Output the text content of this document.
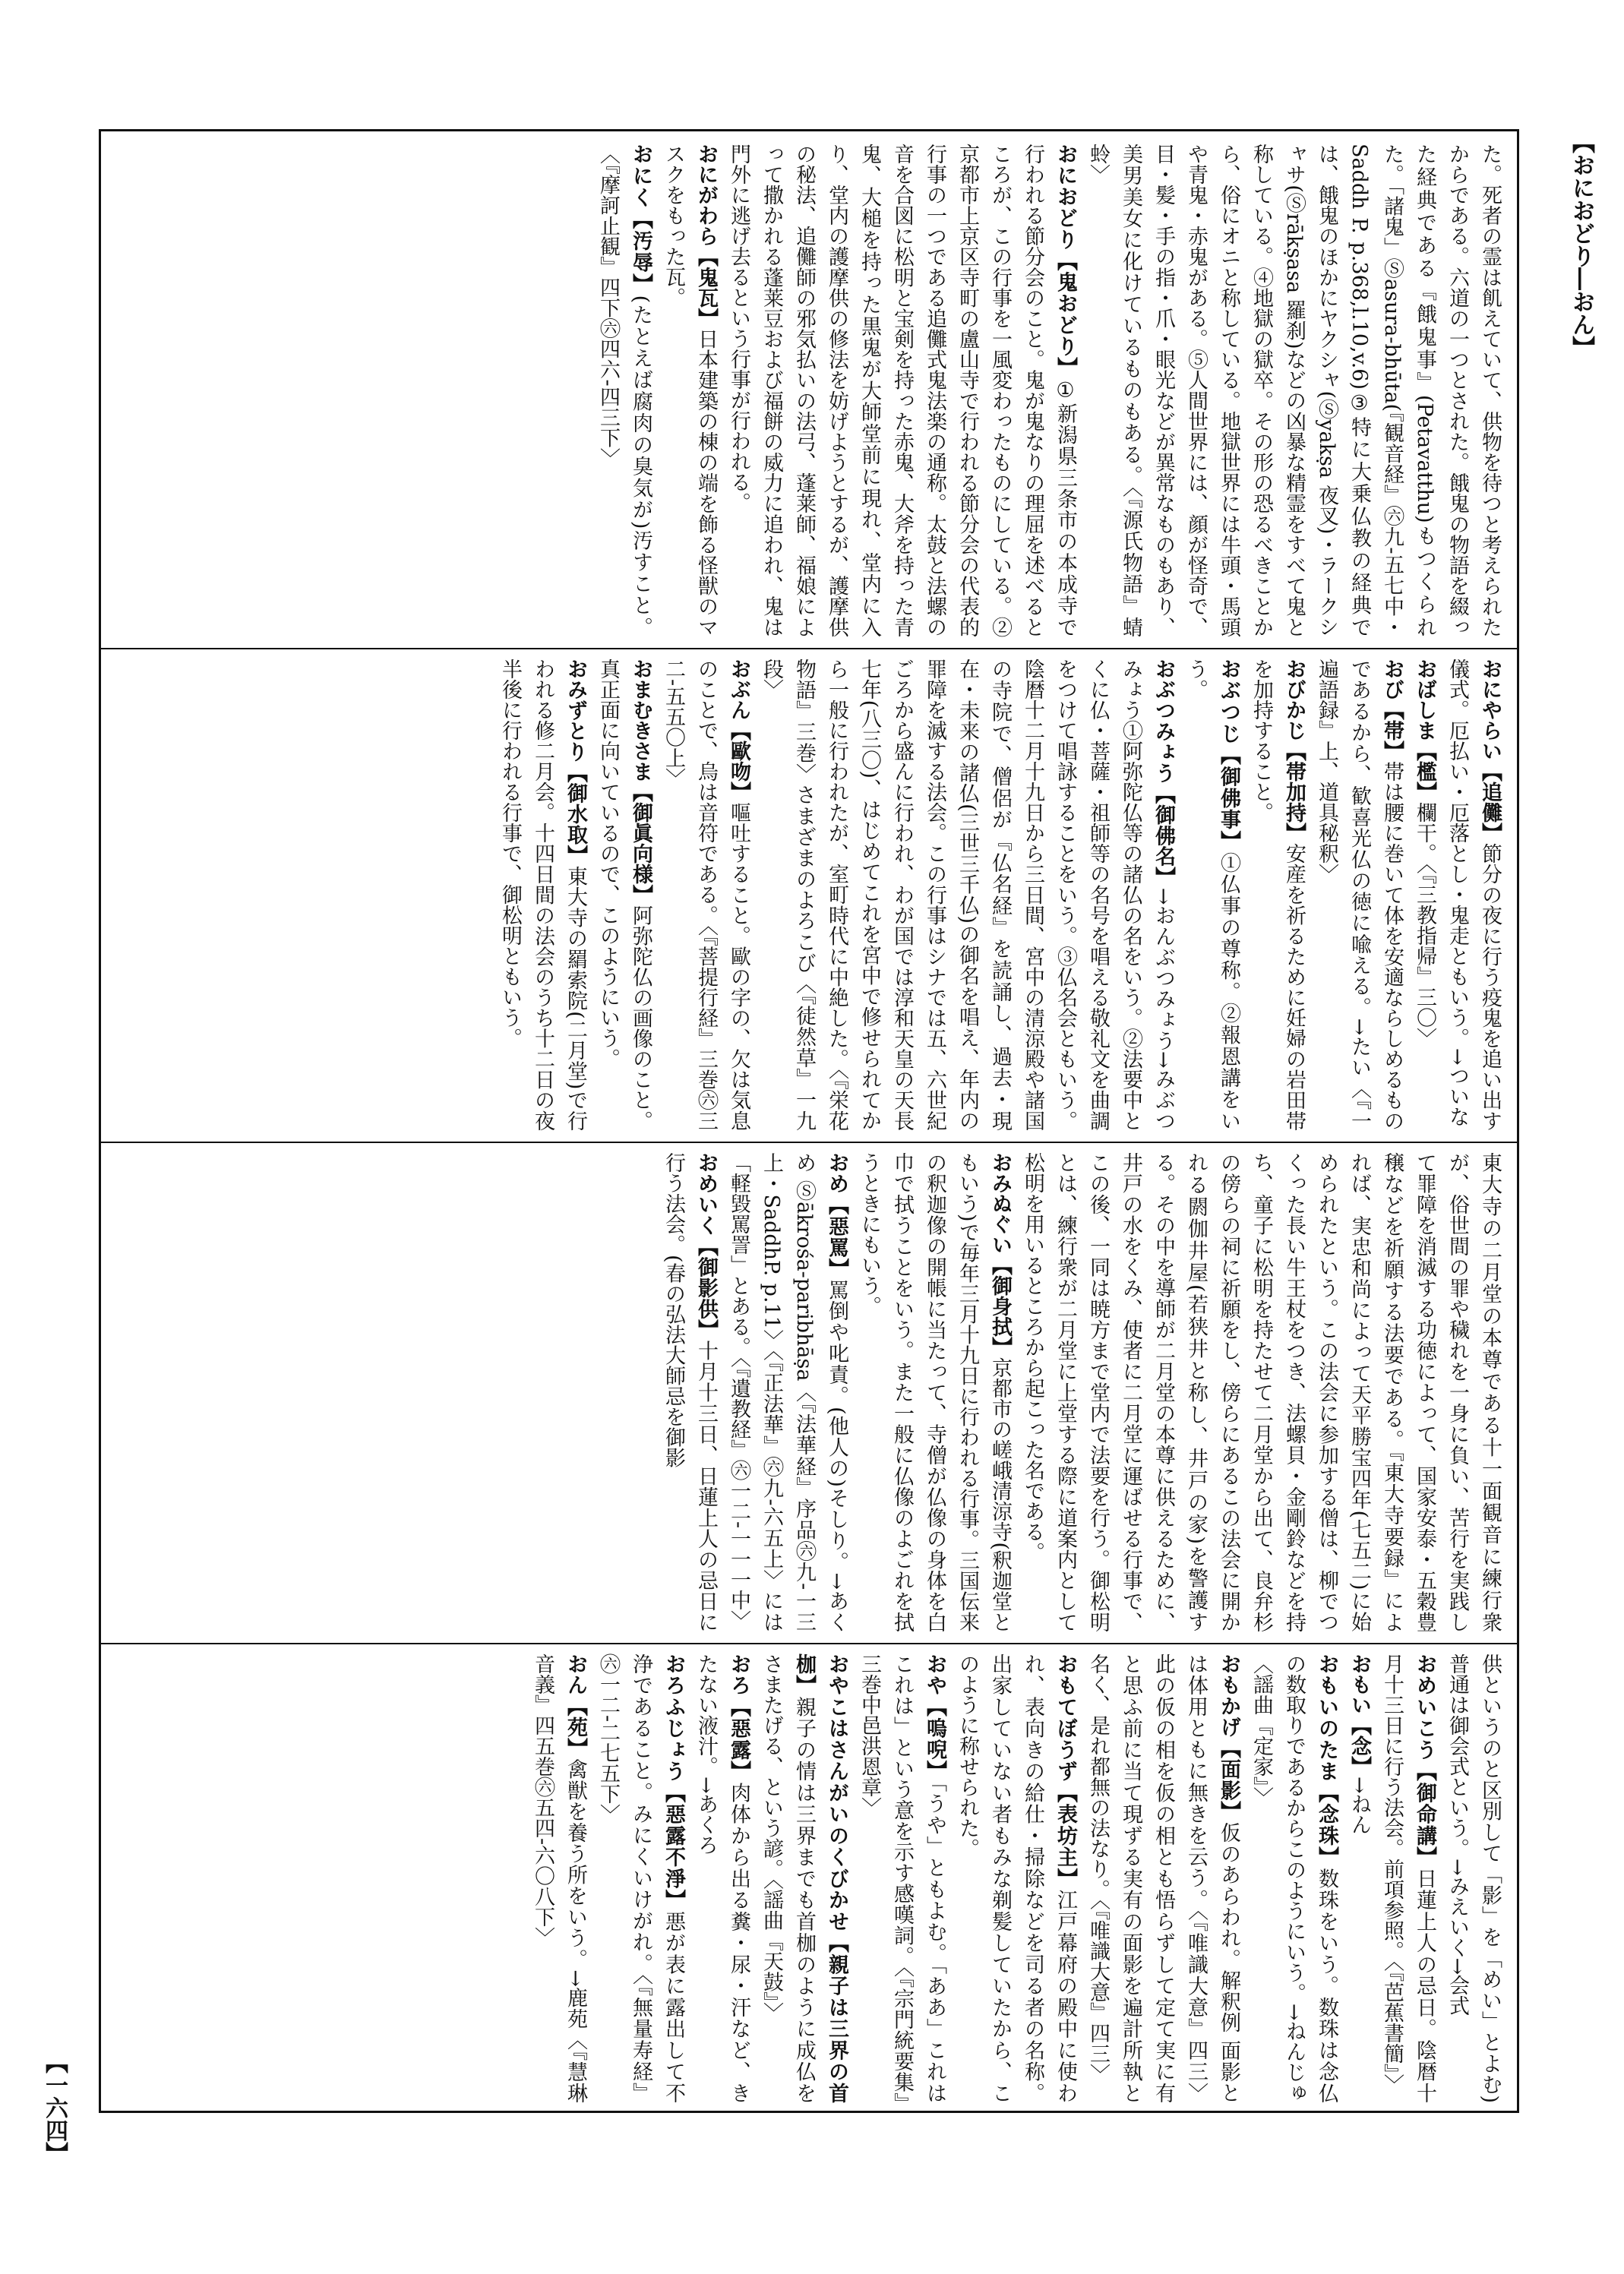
【おにおどり―おん】
【一六四】

た。死者の霊は飢えていて、供物を待つと考えられたからである。六道の一つとされた。餓鬼の物語を綴った経典である『餓鬼事』(Petavatthu)もつくられた。「諸鬼」Ⓢasura-bhūta(『観音経』㊅九‐五七中・Saddh P. p.368,l.10,v.6)③特に大乗仏教の経典では、餓鬼のほかにヤクシャ(Ⓢyakṣa 夜叉)・ラークシャサ(Ⓢrākṣasa 羅刹)などの凶暴な精霊をすべて鬼と称している。④地獄の獄卒。その形の恐るべきことから、俗にオニと称している。地獄世界には牛頭・馬頭や青鬼・赤鬼がある。⑤人間世界には、顔が怪奇で、目・髪・手の指・爪・眼光などが異常なものもあり、美男美女に化けているものもある。〈『源氏物語』蜻蛉〉

おにおどり【鬼おどり】①新潟県三条市の本成寺で行われる節分会のこと。鬼が鬼なりの理屈を述べるところが、この行事を一風変わったものにしている。②京都市上京区寺町の盧山寺で行われる節分会の代表的行事の一つである追儺式鬼法楽の通称。太鼓と法螺の音を合図に松明と宝剣を持った赤鬼、大斧を持った青鬼、大槌を持った黒鬼が大師堂前に現れ、堂内に入り、堂内の護摩供の修法を妨げようとするが、護摩供の秘法、追儺師の邪気払いの法弓、蓬莱師、福娘によって撒かれる蓬莱豆および福餅の威力に追われ、鬼は門外に逃げ去るという行事が行われる。

おにがわら【鬼瓦】日本建築の棟の端を飾る怪獣のマスクをもった瓦。

おにく【汚辱】(たとえば腐肉の臭気が)汚すこと。〈『摩訶止観』四下㊅四六‐四三下〉

おにやらい【追儺】節分の夜に行う疫鬼を追い出す儀式。厄払い・厄落とし・鬼走ともいう。→ついな

おばしま【檻】欄干。〈『三教指帰』三〇〉

おび【帯】帯は腰に巻いて体を安適ならしめるものであるから、歓喜光仏の徳に喩える。→たい〈『一遍語録』上、道具秘釈〉

おびかじ【帯加持】安産を祈るために妊婦の岩田帯を加持すること。

おぶつじ【御佛事】①仏事の尊称。②報恩講をいう。

おぶつみょう【御佛名】→おんぶつみょう→みぶつみょう①阿弥陀仏等の諸仏の名をいう。②法要中とくに仏・菩薩・祖師等の名号を唱える敬礼文を曲調をつけて唱詠することをいう。③仏名会ともいう。陰暦十二月十九日から三日間、宮中の清涼殿や諸国の寺院で、僧侶が『仏名経』を読誦し、過去・現在・未来の諸仏(三世三千仏)の御名を唱え、年内の罪障を滅する法会。この行事はシナでは五、六世紀ごろから盛んに行われ、わが国では淳和天皇の天長七年(八三〇)、はじめてこれを宮中で修せられてから一般に行われたが、室町時代に中絶した。〈『栄花物語』三巻〉さまざまのよろこび〈『徒然草』一九段〉

おぶん【歐吻】嘔吐すること。歐の字の、欠は気息のことで、烏は音符である。〈『菩提行経』三巻㊅三二‐五五〇上〉

おまむきさま【御眞向様】阿弥陀仏の画像のこと。真正面に向いているので、このようにいう。

おみずとり【御水取】東大寺の羂索院(二月堂)で行われる修二月会。十四日間の法会のうち十二日の夜半後に行われる行事で、御松明ともいう。

東大寺の二月堂の本尊である十一面観音に練行衆が、俗世間の罪や穢れを一身に負い、苦行を実践して罪障を消滅する功徳によって、国家安泰・五穀豊穣などを祈願する法要である。『東大寺要録』によれば、実忠和尚によって天平勝宝四年(七五二)に始められたという。この法会に参加する僧は、柳でつくった長い牛王杖をつき、法螺貝・金剛鈴などを持ち、童子に松明を持たせて二月堂から出て、良弁杉の傍らの祠に祈願をし、傍らにあるこの法会に開かれる閼伽井屋(若狭井と称し、井戸の家)を警護する。その中を導師が二月堂の本尊に供えるために、井戸の水をくみ、使者に二月堂に運ばせる行事で、この後、一同は暁方まで堂内で法要を行う。御松明とは、練行衆が二月堂に上堂する際に道案内として松明を用いるところから起こった名である。

おみぬぐい【御身拭】京都市の嵯峨清涼寺(釈迦堂ともいう)で毎年三月十九日に行われる行事。三国伝来の釈迦像の開帳に当たって、寺僧が仏像の身体を白巾で拭うことをいう。また一般に仏像のよごれを拭うときにもいう。

おめ【惡罵】罵倒や叱責。(他人の)そしり。→あくめ Ⓢākrośa-paribhāṣa〈『法華経』序品㊅九‐一三上・SaddhP. p.11〉〈『正法華』㊅九‐六五上〉には「軽毀罵詈」とある。〈『遺教経』㊅一二‐一一一中〉

おめいく【御影供】十月十三日、日蓮上人の忌日に行う法会。(春の弘法大師忌を御影

供というのと区別して「影」を「めい」とよむ)普通は御会式という。→みえいく→会式

おめいこう【御命講】日蓮上人の忌日。陰暦十月十三日に行う法会。前項参照。〈『芭蕉書簡』〉

おもい【念】→ねん

おもいのたま【念珠】数珠をいう。数珠は念仏の数取りであるからこのようにいう。→ねんじゅ〈謡曲『定家』〉

おもかげ【面影】仮のあらわれ。解釈例 面影とは体用ともに無きを云う。〈『唯識大意』四三〉此の仮の相を仮の相とも悟らずして定て実に有と思ふ前に当て現ずる実有の面影を遍計所執と名く、是れ都無の法なり。〈『唯識大意』四三〉

おもてぼうず【表坊主】江戸幕府の殿中に使われ、表向きの給仕・掃除などを司る者の名称。出家していない者もみな剃髪していたから、このように称せられた。

おや【嗚唲】「うや」ともよむ。「ああ」これはこれは」という意を示す感嘆詞。〈『宗門統要集』三巻中邑洪恩章〉

おやこはさんがいのくびかせ【親子は三界の首枷】親子の情は三界までも首枷のように成仏をさまたげる、という諺。〈謡曲『天鼓』〉

おろ【惡露】肉体から出る糞・尿・汗など、きたない液汁。→あくろ

おろふじょう【惡露不淨】悪が表に露出して不浄であること。みにくいけがれ。〈『無量寿経』㊅一二‐二七五下〉

おん【苑】禽獣を養う所をいう。→鹿苑〈『慧琳音義』四五巻㊅五四‐六〇八下〉
